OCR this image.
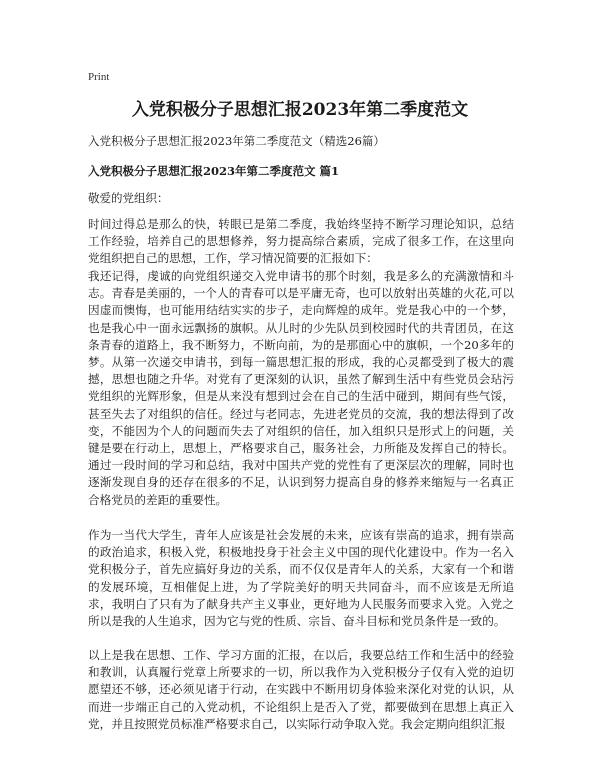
Print
入党积极分子思想汇报2023年第二季度范文
入党积极分子思想汇报2023年第二季度范文（精选26篇）
入党积极分子思想汇报2023年第二季度范文 篇1
敬爱的党组织：

时间过得总是那么的快，转眼已是第二季度，我始终坚持不断学习理论知识，总结工作经验，培养自己的思想修养，努力提高综合素质，完成了很多工作，在这里向党组织把自己的思想，工作，学习情况简要的汇报如下：

我还记得，虔诚的向党组织递交入党申请书的那个时刻，我是多么的充满激情和斗志。青春是美丽的，一个人的青春可以是平庸无奇，也可以放射出英雄的火花,可以因虚而懊悔，也可能用结结实实的步子，走向辉煌的成年。党是我心中的一个梦，也是我心中一面永远飘扬的旗帜。从儿时的少先队员到校园时代的共青团员，在这条青春的道路上，我不断努力，不断向前，为的是那面心中的旗帜，一个20多年的梦。从第一次递交申请书，到每一篇思想汇报的形成，我的心灵都受到了极大的震撼，思想也随之升华。对党有了更深刻的认识，虽然了解到生活中有些党员会玷污党组织的光辉形象，但是从来没有想到过会在自己的生活中碰到，期间有些气馁，甚至失去了对组织的信任。经过与老同志，先进老党员的交流，我的想法得到了改变，不能因为个人的问题而失去了对组织的信任，加入组织只是形式上的问题，关键是要在行动上，思想上，严格要求自己，服务社会，力所能及发挥自己的特长。通过一段时间的学习和总结，我对中国共产党的党性有了更深层次的理解，同时也逐渐发现自身的还存在很多的不足，认识到努力提高自身的修养来缩短与一名真正合格党员的差距的重要性。

作为一当代大学生，青年人应该是社会发展的未来，应该有崇高的追求，拥有崇高的政治追求，积极入党，积极地投身于社会主义中国的现代化建设中。作为一名入党积极分子，首先应搞好身边的关系，而不仅仅是青年人的关系，大家有一个和谐的发展环境，互相催促上进，为了学院美好的明天共同奋斗，而不应该是无所追求，我明白了只有为了献身共产主义事业，更好地为人民服务而要求入党。入党之所以是我的人生追求，因为它与党的性质、宗旨、奋斗目标和党员条件是一致的。

以上是我在思想、工作、学习方面的汇报，在以后，我要总结工作和生活中的经验和教训，认真履行党章上所要求的一切，所以我作为入党积极分子仅有入党的迫切愿望还不够，还必须见诸于行动，在实践中不断用切身体验来深化对党的认识，从而进一步端正自己的入党动机，不论组织上是否入了党，都要做到在思想上真正入党，并且按照党员标准严格要求自己，以实际行动争取入党。我会定期向组织汇报
